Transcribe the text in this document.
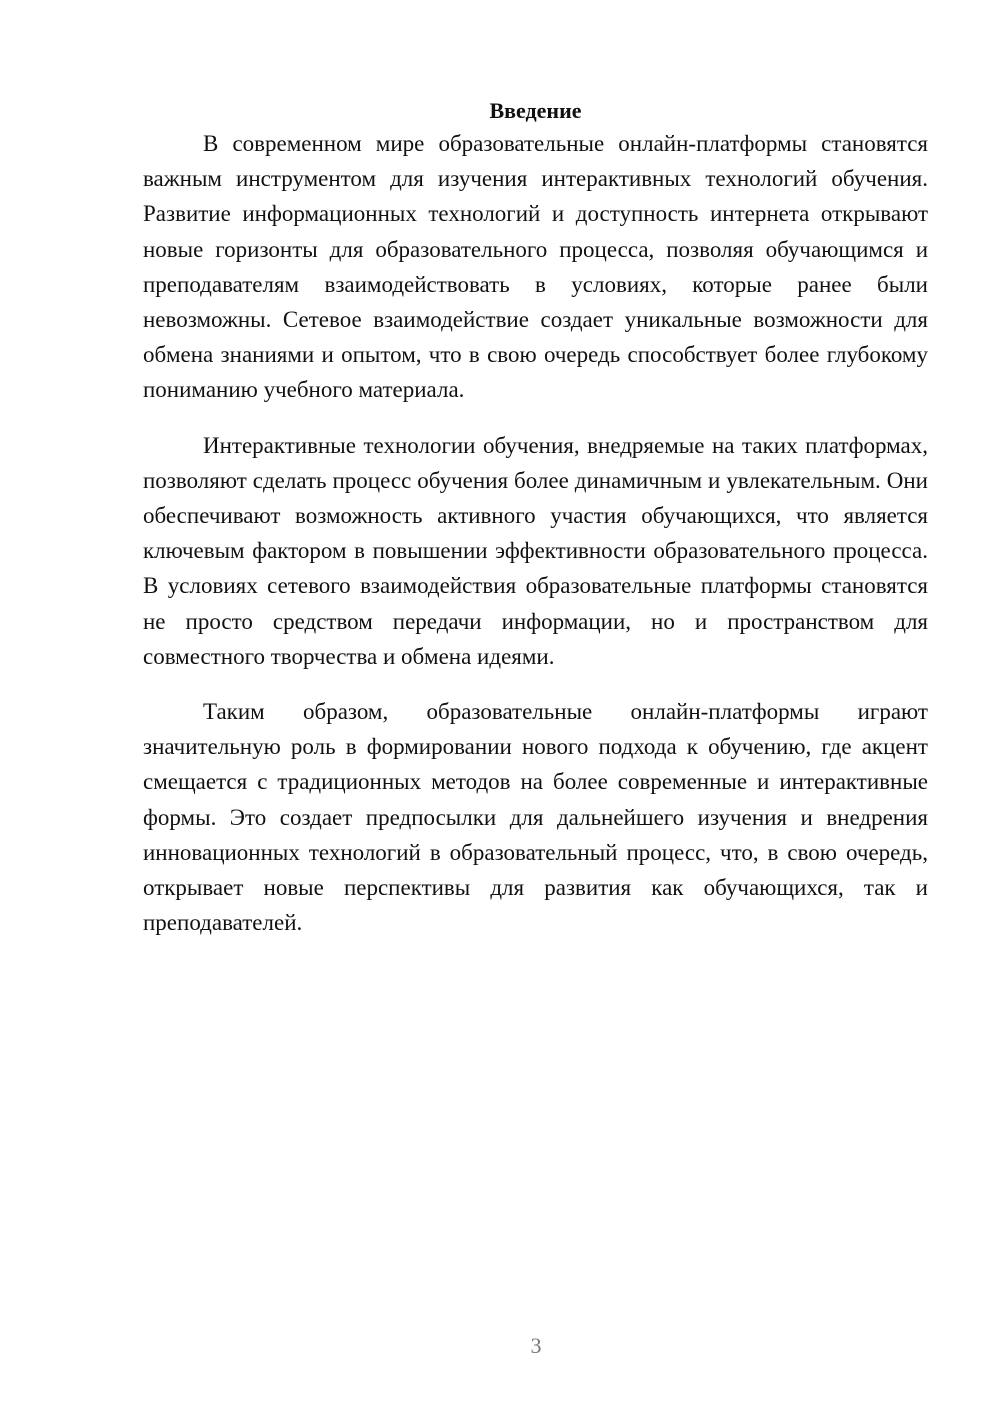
Введение

В современном мире образовательные онлайн-платформы становятся важным инструментом для изучения интерактивных технологий обучения. Развитие информационных технологий и доступность интернета открывают новые горизонты для образовательного процесса, позволяя обучающимся и преподавателям взаимодействовать в условиях, которые ранее были невозможны. Сетевое взаимодействие создает уникальные возможности для обмена знаниями и опытом, что в свою очередь способствует более глубокому пониманию учебного материала.

Интерактивные технологии обучения, внедряемые на таких платформах, позволяют сделать процесс обучения более динамичным и увлекательным. Они обеспечивают возможность активного участия обучающихся, что является ключевым фактором в повышении эффективности образовательного процесса. В условиях сетевого взаимодействия образовательные платформы становятся не просто средством передачи информации, но и пространством для совместного творчества и обмена идеями.

Таким образом, образовательные онлайн-платформы играют значительную роль в формировании нового подхода к обучению, где акцент смещается с традиционных методов на более современные и интерактивные формы. Это создает предпосылки для дальнейшего изучения и внедрения инновационных технологий в образовательный процесс, что, в свою очередь, открывает новые перспективы для развития как обучающихся, так и преподавателей.

3
